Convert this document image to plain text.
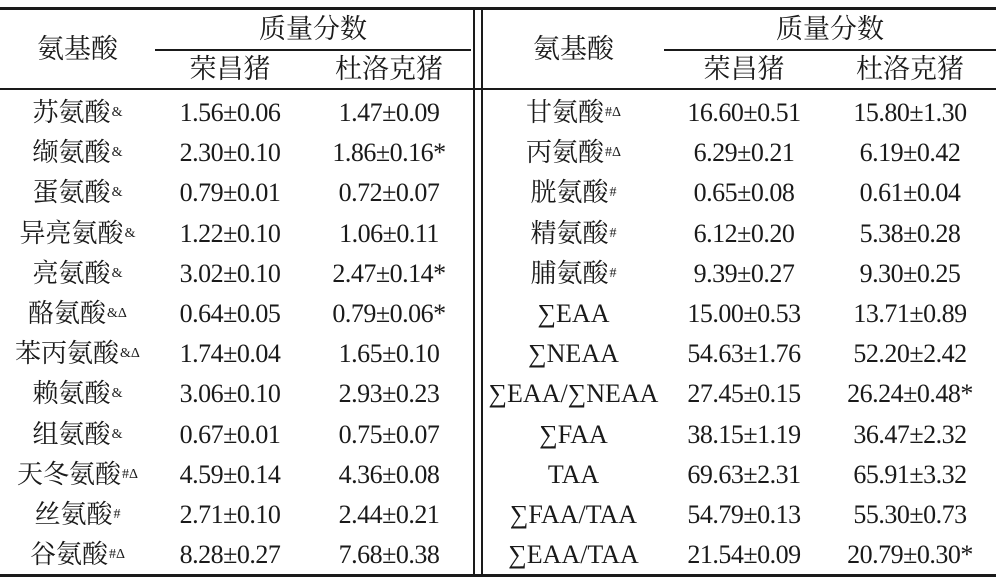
氨基酸
质量分数
荣昌猪	杜洛克猪
氨基酸
质量分数
荣昌猪	杜洛克猪
苏氨酸 &	1.56±0.06	1.47±0.09
缬氨酸 &	2.30±0.10	1.86±0.16*
蛋氨酸 &	0.79±0.01	0.72±0.07
异亮氨酸 &	1.22±0.10	1.06±0.11
亮氨酸 &	3.02±0.10	2.47±0.14*
酪氨酸 &Δ	0.64±0.05	0.79±0.06*
苯丙氨酸 &Δ	1.74±0.04	1.65±0.10
赖氨酸 &	3.06±0.10	2.93±0.23
组氨酸 &	0.67±0.01	0.75±0.07
天冬氨酸 #Δ	4.59±0.14	4.36±0.08
丝氨酸 #	2.71±0.10	2.44±0.21
谷氨酸 #Δ	8.28±0.27	7.68±0.38
甘氨酸 #Δ	16.60±0.51	15.80±1.30
丙氨酸 #Δ	6.29±0.21	6.19±0.42
胱氨酸 #	0.65±0.08	0.61±0.04
精氨酸 #	6.12±0.20	5.38±0.28
脯氨酸 #	9.39±0.27	9.30±0.25
∑EAA	15.00±0.53	13.71±0.89
∑NEAA	54.63±1.76	52.20±2.42
∑EAA/∑NEAA	27.45±0.15	26.24±0.48*
∑FAA	38.15±1.19	36.47±2.32
TAA	69.63±2.31	65.91±3.32
∑FAA/TAA	54.79±0.13	55.30±0.73
∑EAA/TAA	21.54±0.09	20.79±0.30*
